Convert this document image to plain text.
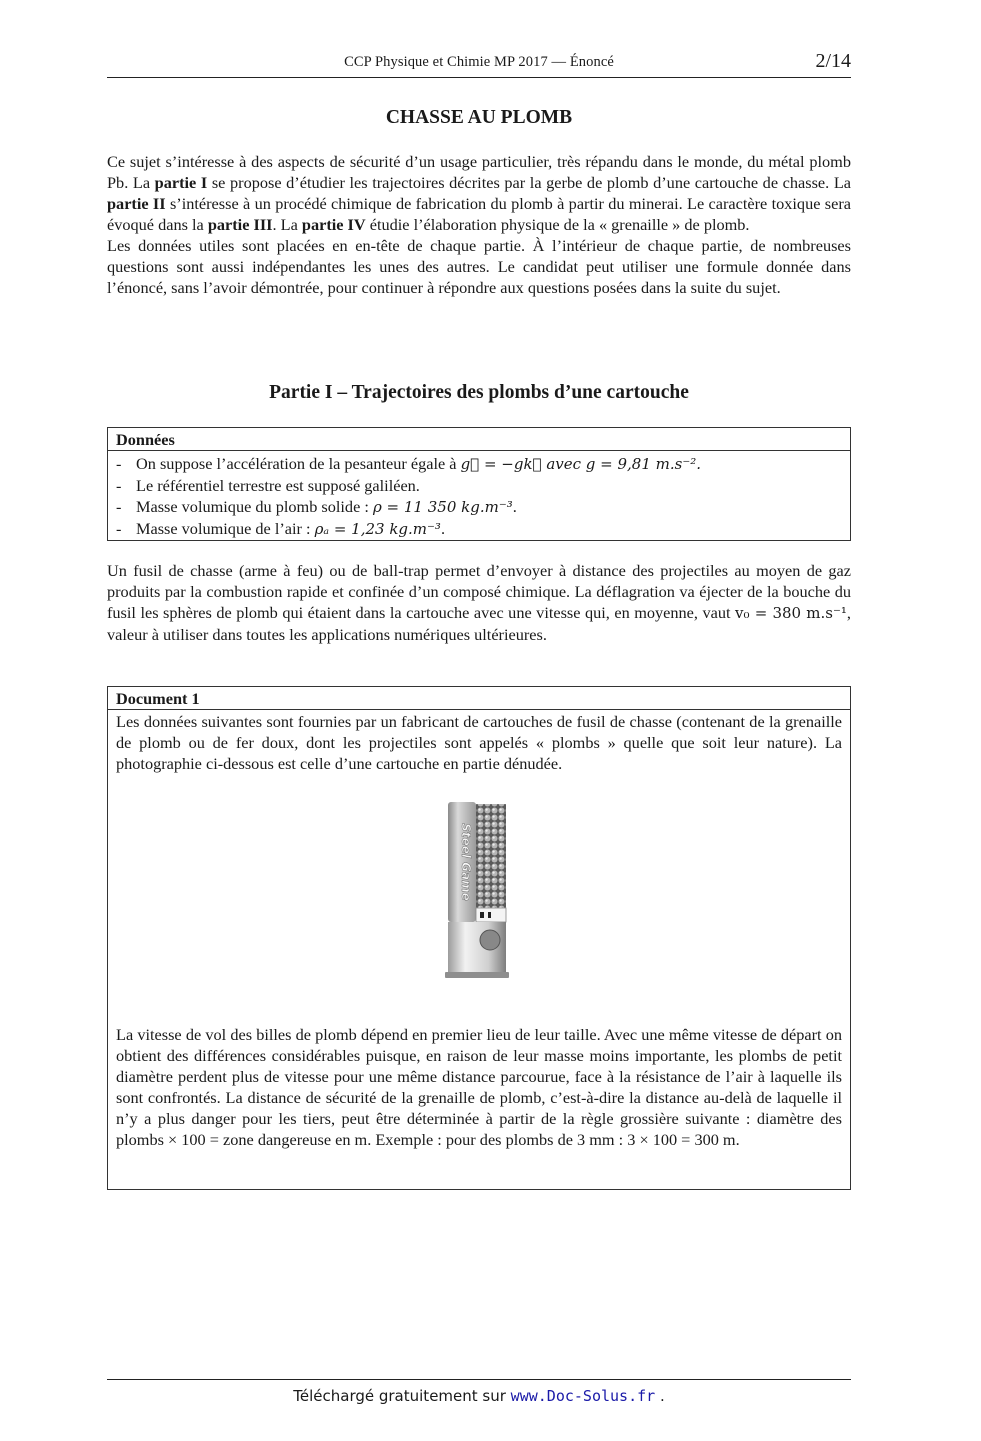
CCP Physique et Chimie MP 2017 — Énoncé	2/14
CHASSE AU PLOMB

Ce sujet s’intéresse à des aspects de sécurité d’un usage particulier, très répandu dans le monde, du métal plomb Pb. La partie I se propose d’étudier les trajectoires décrites par la gerbe de plomb d’une cartouche de chasse. La partie II s’intéresse à un procédé chimique de fabrication du plomb à partir du minerai. Le caractère toxique sera évoqué dans la partie III. La partie IV étudie l’élaboration physique de la « grenaille » de plomb.

Les données utiles sont placées en en-tête de chaque partie. À l’intérieur de chaque partie, de nombreuses questions sont aussi indépendantes les unes des autres. Le candidat peut utiliser une formule donnée dans l’énoncé, sans l’avoir démontrée, pour continuer à répondre aux questions posées dans la suite du sujet.

Partie I – Trajectoires des plombs d’une cartouche
Données
- On suppose l’accélération de la pesanteur égale à g⃗ = −gk⃗ avec g = 9,81 m.s⁻².
- Le référentiel terrestre est supposé galiléen.
- Masse volumique du plomb solide : ρ = 11 350 kg.m⁻³.
- Masse volumique de l’air : ρₐ = 1,23 kg.m⁻³.

Un fusil de chasse (arme à feu) ou de ball-trap permet d’envoyer à distance des projectiles au moyen de gaz produits par la combustion rapide et confinée d’un composé chimique. La déflagration va éjecter de la bouche du fusil les sphères de plomb qui étaient dans la cartouche avec une vitesse qui, en moyenne, vaut v₀ = 380 m.s⁻¹, valeur à utiliser dans toutes les applications numériques ultérieures.

Document 1
Les données suivantes sont fournies par un fabricant de cartouches de fusil de chasse (contenant de la grenaille de plomb ou de fer doux, dont les projectiles sont appelés « plombs » quelle que soit leur nature). La photographie ci-dessous est celle d’une cartouche en partie dénudée.
La vitesse de vol des billes de plomb dépend en premier lieu de leur taille. Avec une même vitesse de départ on obtient des différences considérables puisque, en raison de leur masse moins importante, les plombs de petit diamètre perdent plus de vitesse pour une même distance parcourue, face à la résistance de l’air à laquelle ils sont confrontés. La distance de sécurité de la grenaille de plomb, c’est-à-dire la distance au-delà de laquelle il n’y a plus danger pour les tiers, peut être déterminée à partir de la règle grossière suivante : diamètre des plombs × 100 = zone dangereuse en m. Exemple : pour des plombs de 3 mm : 3 × 100 = 300 m.
Steel Game
Téléchargé gratuitement sur www.Doc-Solus.fr .
